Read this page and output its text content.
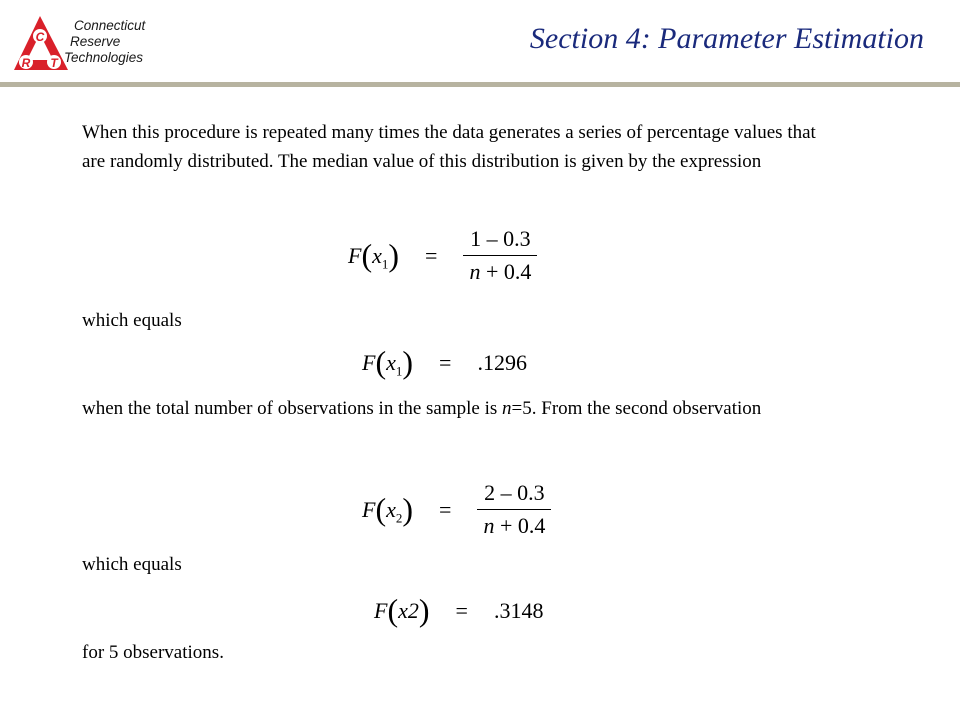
C
R T
Connecticut
Reserve
Technologies
Section 4: Parameter Estimation
When this procedure is repeated many times the data generates a series of percentage values that are randomly distributed. The median value of this distribution is given by the expression
$F(x_1) = \frac{1 - 0.3}{n + 0.4}$
which equals
$F(x_1) = .1296$
when the total number of observations in the sample is n=5. From the second observation
$F(x_2) = \frac{2 - 0.3}{n + 0.4}$
which equals
F(x2) = .3148
for 5 observations.
